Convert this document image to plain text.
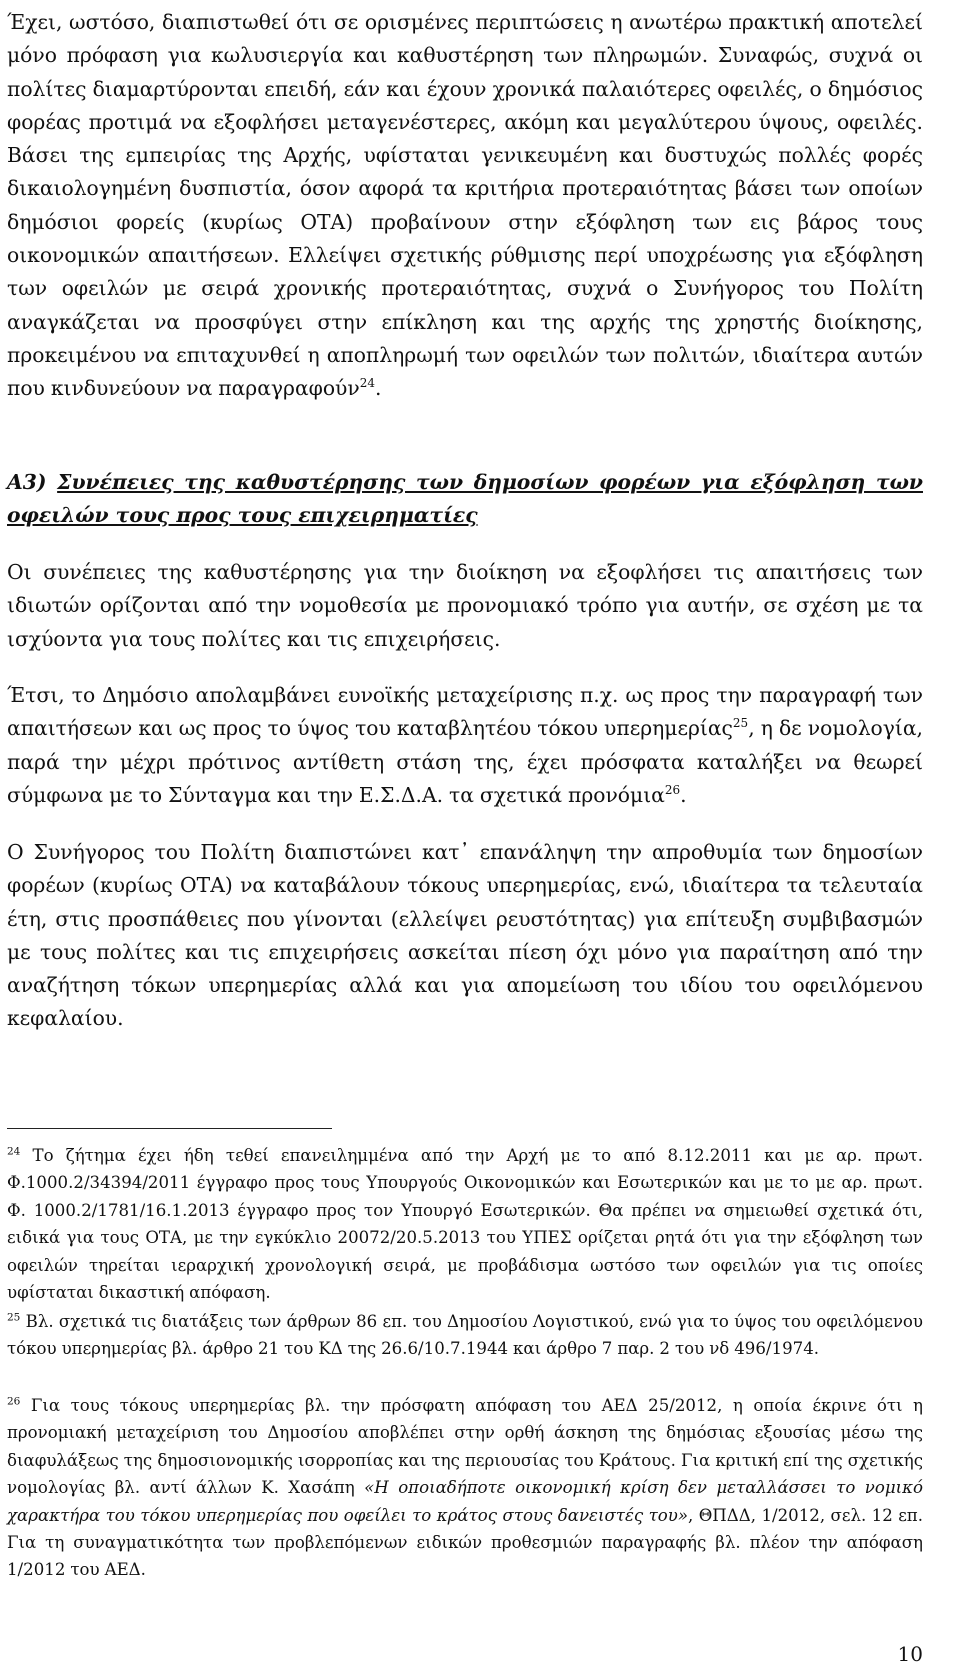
Έχει, ωστόσο, διαπιστωθεί ότι σε ορισμένες περιπτώσεις η ανωτέρω πρακτική αποτελεί μόνο πρόφαση για κωλυσιεργία και καθυστέρηση των πληρωμών. Συναφώς, συχνά οι πολίτες διαμαρτύρονται επειδή, εάν και έχουν χρονικά παλαιότερες οφειλές, ο δημόσιος φορέας προτιμά να εξοφλήσει μεταγενέστερες, ακόμη και μεγαλύτερου ύψους, οφειλές. Βάσει της εμπειρίας της Αρχής, υφίσταται γενικευμένη και δυστυχώς πολλές φορές δικαιολογημένη δυσπιστία, όσον αφορά τα κριτήρια προτεραιότητας βάσει των οποίων δημόσιοι φορείς (κυρίως ΟΤΑ) προβαίνουν στην εξόφληση των εις βάρος τους οικονομικών απαιτήσεων. Ελλείψει σχετικής ρύθμισης περί υποχρέωσης για εξόφληση των οφειλών με σειρά χρονικής προτεραιότητας, συχνά ο Συνήγορος του Πολίτη αναγκάζεται να προσφύγει στην επίκληση και της αρχής της χρηστής διοίκησης, προκειμένου να επιταχυνθεί η αποπληρωμή των οφειλών των πολιτών, ιδιαίτερα αυτών που κινδυνεύουν να παραγραφούν$^{24}$.

Α3) Συνέπειες της καθυστέρησης των δημοσίων φορέων για εξόφληση των οφειλών τους προς τους επιχειρηματίες

Οι συνέπειες της καθυστέρησης για την διοίκηση να εξοφλήσει τις απαιτήσεις των ιδιωτών ορίζονται από την νομοθεσία με προνομιακό τρόπο για αυτήν, σε σχέση με τα ισχύοντα για τους πολίτες και τις επιχειρήσεις.

Έτσι, το Δημόσιο απολαμβάνει ευνοϊκής μεταχείρισης π.χ. ως προς την παραγραφή των απαιτήσεων και ως προς το ύψος του καταβλητέου τόκου υπερημερίας$^{25}$, η δε νομολογία, παρά την μέχρι πρότινος αντίθετη στάση της, έχει πρόσφατα καταλήξει να θεωρεί σύμφωνα με το Σύνταγμα και την Ε.Σ.Δ.Α. τα σχετικά προνόμια$^{26}$.

Ο Συνήγορος του Πολίτη διαπιστώνει κατ᾽ επανάληψη την απροθυμία των δημοσίων φορέων (κυρίως ΟΤΑ) να καταβάλουν τόκους υπερημερίας, ενώ, ιδιαίτερα τα τελευταία έτη, στις προσπάθειες που γίνονται (ελλείψει ρευστότητας) για επίτευξη συμβιβασμών με τους πολίτες και τις επιχειρήσεις ασκείται πίεση όχι μόνο για παραίτηση από την αναζήτηση τόκων υπερημερίας αλλά και για απομείωση του ιδίου του οφειλόμενου κεφαλαίου.

$^{24}$ Το ζήτημα έχει ήδη τεθεί επανειλημμένα από την Αρχή με το από 8.12.2011 και με αρ. πρωτ. Φ.1000.2/34394/2011 έγγραφο προς τους Υπουργούς Οικονομικών και Εσωτερικών και με το με αρ. πρωτ. Φ. 1000.2/1781/16.1.2013 έγγραφο προς τον Υπουργό Εσωτερικών. Θα πρέπει να σημειωθεί σχετικά ότι, ειδικά για τους ΟΤΑ, με την εγκύκλιο 20072/20.5.2013 του ΥΠΕΣ ορίζεται ρητά ότι για την εξόφληση των οφειλών τηρείται ιεραρχική χρονολογική σειρά, με προβάδισμα ωστόσο των οφειλών για τις οποίες υφίσταται δικαστική απόφαση.

$^{25}$ Βλ. σχετικά τις διατάξεις των άρθρων 86 επ. του Δημοσίου Λογιστικού, ενώ για το ύψος του οφειλόμενου τόκου υπερημερίας βλ. άρθρο 21 του ΚΔ της 26.6/10.7.1944 και άρθρο 7 παρ. 2 του νδ 496/1974.

$^{26}$ Για τους τόκους υπερημερίας βλ. την πρόσφατη απόφαση του ΑΕΔ 25/2012, η οποία έκρινε ότι η προνομιακή μεταχείριση του Δημοσίου αποβλέπει στην ορθή άσκηση της δημόσιας εξουσίας μέσω της διαφυλάξεως της δημοσιονομικής ισορροπίας και της περιουσίας του Κράτους. Για κριτική επί της σχετικής νομολογίας βλ. αντί άλλων Κ. Χασάπη «Η οποιαδήποτε οικονομική κρίση δεν μεταλλάσσει το νομικό χαρακτήρα του τόκου υπερημερίας που οφείλει το κράτος στους δανειστές του», ΘΠΔΔ, 1/2012, σελ. 12 επ. Για τη συναγματικότητα των προβλεπόμενων ειδικών προθεσμιών παραγραφής βλ. πλέον την απόφαση 1/2012 του ΑΕΔ.

10
